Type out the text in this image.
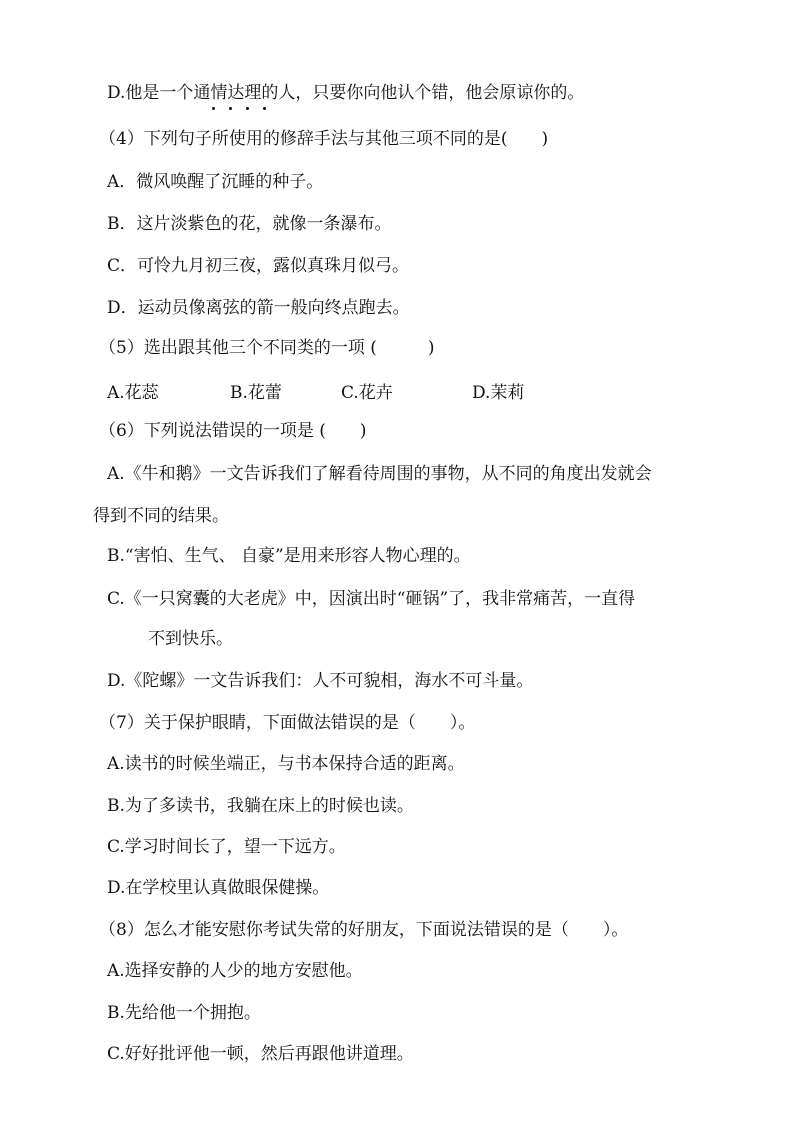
D.他是一个通情达理的人，只要你向他认个错，他会原谅你的。
（4）下列句子所使用的修辞手法与其他三项不同的是(　　)
A．微风唤醒了沉睡的种子。
B．这片淡紫色的花，就像一条瀑布。
C．可怜九月初三夜，露似真珠月似弓。
D．运动员像离弦的箭一般向终点跑去。
（5）选出跟其他三个不同类的一项 (　　　)
A.花蕊	B.花蕾	C.花卉	D.茉莉
（6）下列说法错误的一项是 (　　)
A.《牛和鹅》一文告诉我们了解看待周围的事物，从不同的角度出发就会
得到不同的结果。
B.“害怕、生气、 自豪”是用来形容人物心理的。
C.《一只窝囊的大老虎》中，因演出时“砸锅”了，我非常痛苦，一直得
不到快乐。
D.《陀螺》一文告诉我们：人不可貌相，海水不可斗量。
（7）关于保护眼睛，下面做法错误的是（　　）。
A.读书的时候坐端正，与书本保持合适的距离。
B.为了多读书，我躺在床上的时候也读。
C.学习时间长了，望一下远方。
D.在学校里认真做眼保健操。
（8）怎么才能安慰你考试失常的好朋友，下面说法错误的是（　　）。
A.选择安静的人少的地方安慰他。
B.先给他一个拥抱。
C.好好批评他一顿，然后再跟他讲道理。
